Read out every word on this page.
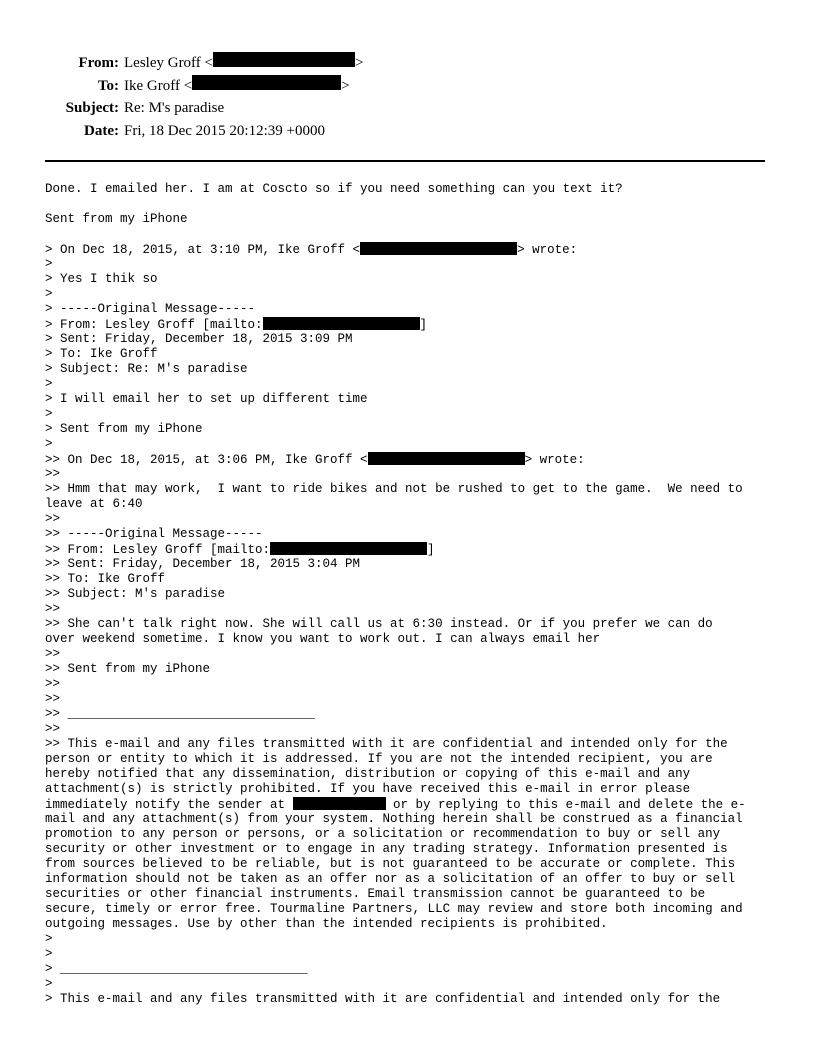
From: Lesley Groff <	>
To: Ike Groff <	>
Subject: Re: M's paradise
Date: Fri, 18 Dec 2015 20:12:39 +0000
Done. I emailed her. I am at Coscto so if you need something can you text it?
Sent from my iPhone
> On Dec 18, 2015, at 3:10 PM, Ike Groff <	> wrote:
>
> Yes I thik so
>
> -----Original Message-----
> From: Lesley Groff [mailto:	]
> Sent: Friday, December 18, 2015 3:09 PM
> To: Ike Groff
> Subject: Re: M's paradise
>
> I will email her to set up different time
>
> Sent from my iPhone
>
>> On Dec 18, 2015, at 3:06 PM, Ike Groff <	> wrote:
>>
>> Hmm that may work,  I want to ride bikes and not be rushed to get to the game.  We need to
leave at 6:40
>>
>> -----Original Message-----
>> From: Lesley Groff [mailto:	]
>> Sent: Friday, December 18, 2015 3:04 PM
>> To: Ike Groff
>> Subject: M's paradise
>>
>> She can't talk right now. She will call us at 6:30 instead. Or if you prefer we can do
over weekend sometime. I know you want to work out. I can always email her
>>
>> Sent from my iPhone
>>
>>
>> _________________________________
>>
>> This e-mail and any files transmitted with it are confidential and intended only for the
person or entity to which it is addressed. If you are not the intended recipient, you are
hereby notified that any dissemination, distribution or copying of this e-mail and any
attachment(s) is strictly prohibited. If you have received this e-mail in error please
immediately notify the sender at	or by replying to this e-mail and delete the e-
mail and any attachment(s) from your system. Nothing herein shall be construed as a financial
promotion to any person or persons, or a solicitation or recommendation to buy or sell any
security or other investment or to engage in any trading strategy. Information presented is
from sources believed to be reliable, but is not guaranteed to be accurate or complete. This
information should not be taken as an offer nor as a solicitation of an offer to buy or sell
securities or other financial instruments. Email transmission cannot be guaranteed to be
secure, timely or error free. Tourmaline Partners, LLC may review and store both incoming and
outgoing messages. Use by other than the intended recipients is prohibited.
>
>
> _________________________________
>
> This e-mail and any files transmitted with it are confidential and intended only for the
